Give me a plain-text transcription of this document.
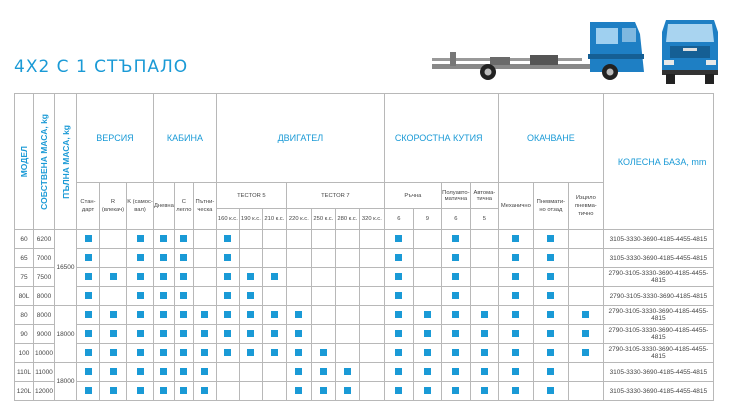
4X2 С 1 СТЪПАЛО
МОДЕЛ	СОБСТВЕНА МАСА, kg	ПЪЛНА МАСА, kg	ВЕРСИЯ			КАБИНА			ДВИГАТЕЛ							СКОРОСТНА КУТИЯ				ОКАЧВАНЕ			КОЛЕСНА БАЗА, mm
			Стан-дарт	R (влекач)	K (самос-вал)	Дневна	С легло	Пътни-ческа	TECTOR 5			TECTOR 7				Ръчна		Полуавто-матична	Автома-тична	Механично	Пневмати-но отзад	Изцяло пневма-тично	
									160 к.с.	190 к.с.	210 к.с.	220 к.с.	250 к.с.	280 к.с.	320 к.с.	6	9	6	5				
60	6200	16500																					3105-3330-3690-4185-4455-4815
65	7000																						3105-3330-3690-4185-4455-4815
75	7500																						2790-3105-3330-3690-4185-4455-4815
80L	8000																						2790-3105-3330-3690-4185-4815
80	8000	18000																					2790-3105-3330-3690-4185-4455-4815
90	9000																						2790-3105-3330-3690-4185-4455-4815
100	10000																						2790-3105-3330-3690-4185-4455-4815
110L	11000	18000																					3105-3330-3690-4185-4455-4815
120L	12000																						3105-3330-3690-4185-4455-4815
